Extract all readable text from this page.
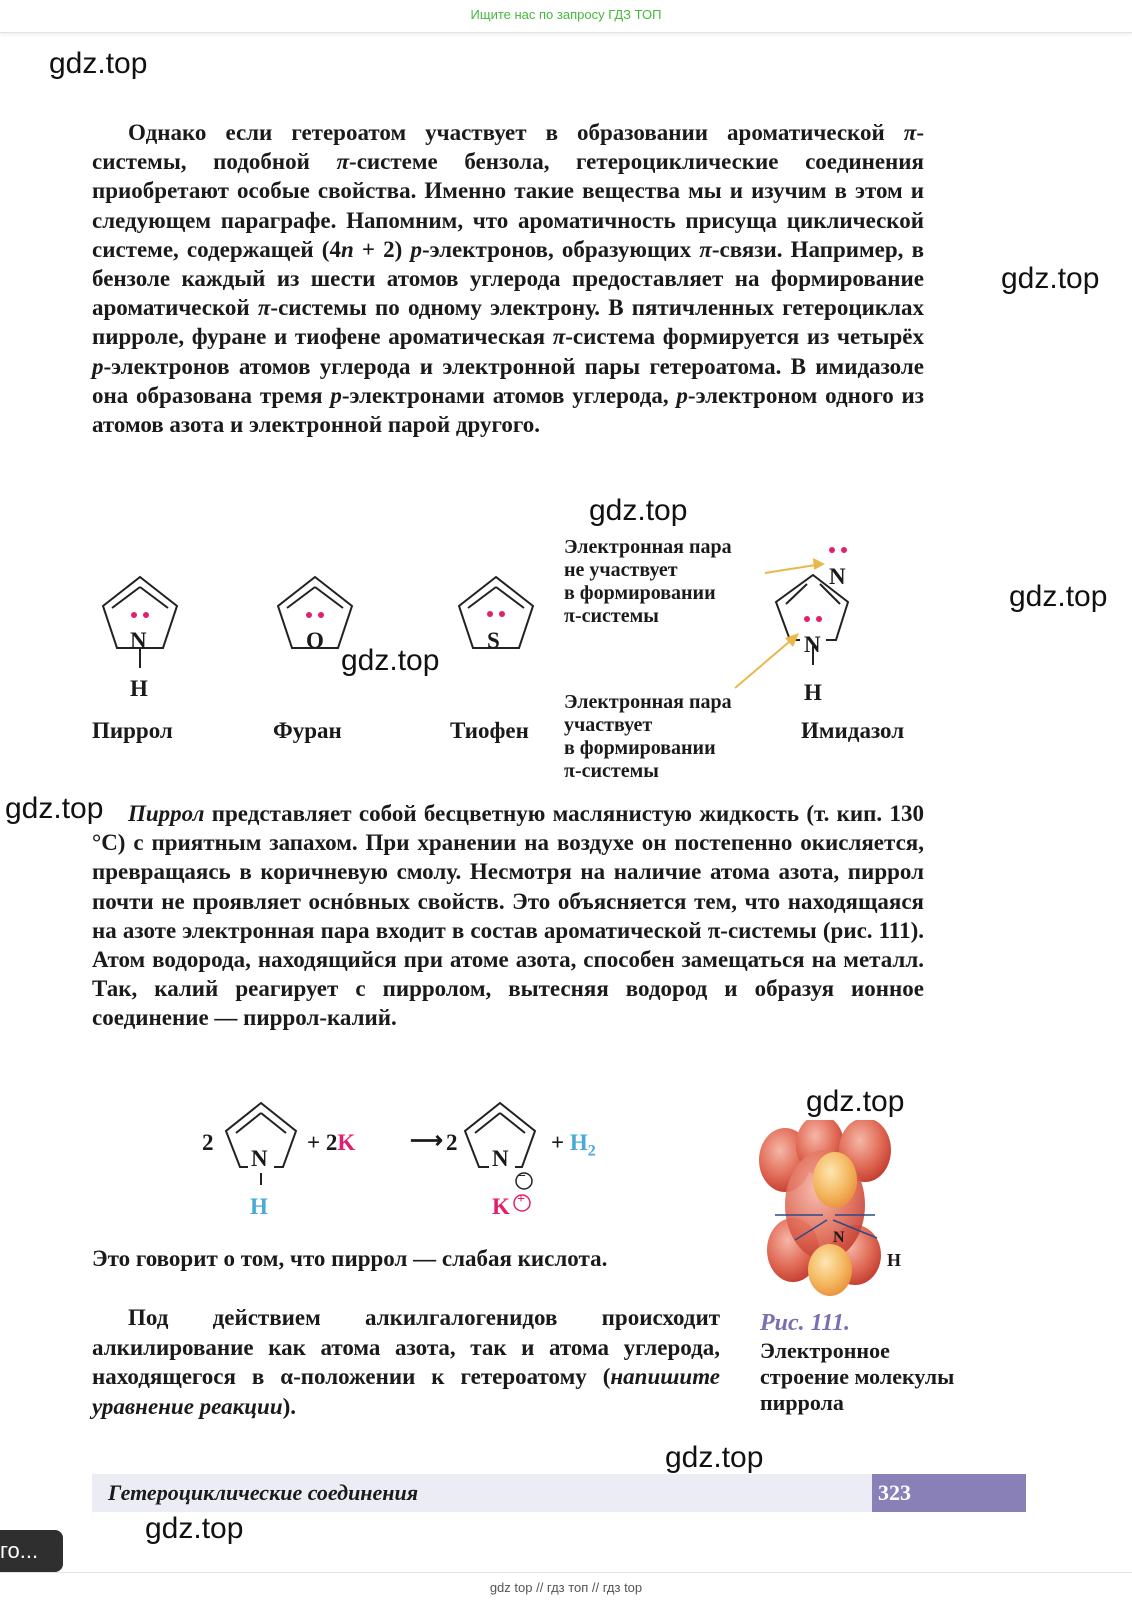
Ищите нас по запросу ГДЗ ТОП
gdz.top
gdz.top
gdz.top
gdz.top
gdz.top
gdz.top
gdz.top
gdz.top
gdz.top

Однако если гетероатом участвует в образовании ароматической π-системы, подобной π-системе бензола, гетероциклические соединения приобретают особые свойства. Именно такие вещества мы и изучим в этом и следующем параграфе. Напомним, что ароматичность присуща циклической системе, содержащей (4n + 2) p-электронов, образующих π-связи. Например, в бензоле каждый из шести атомов углерода предоставляет на формирование ароматической π-системы по одному электрону. В пятичленных гетероциклах пирроле, фуране и тиофене ароматическая π-система формируется из четырёх p-электронов атомов углерода и электронной пары гетероатома. В имидазоле она образована тремя p-электронами атомов углерода, p-электроном одного из атомов азота и электронной парой другого.

N
H
O	S
N
N
H
Пиррол	Фуран	Тиофен	Имидазол
Электронная пара
не участвует
в формировании
π-системы
Электронная пара
участвует
в формировании
π-системы

Пиррол представляет собой бесцветную маслянистую жидкость (т. кип. 130 °С) с приятным запахом. При хранении на воздухе он постепенно окисляется, превращаясь в коричневую смолу. Несмотря на наличие атома азота, пиррол почти не проявляет оснóвных свойств. Это объясняется тем, что находящаяся на азоте электронная пара входит в состав ароматической π-системы (рис. 111). Атом водорода, находящийся при атоме азота, способен замещаться на металл. Так, калий реагирует с пирролом, вытесняя водород и образуя ионное соединение — пиррол-калий.

2
N
H
+ 2K ⟶ 2
N
−
K +
+ $H_2$

Это говорит о том, что пиррол — слабая кислота.

Под действием алкилгалогенидов происходит алкилирование как атома азота, так и атома углерода, находящегося в α-положении к гетероатому (напишите уравнение реакции).

N
H
Рис. 111.
Электронное строение молекулы пиррола
Гетероциклические соединения	323
го...
gdz top // гдз топ // гдз top
